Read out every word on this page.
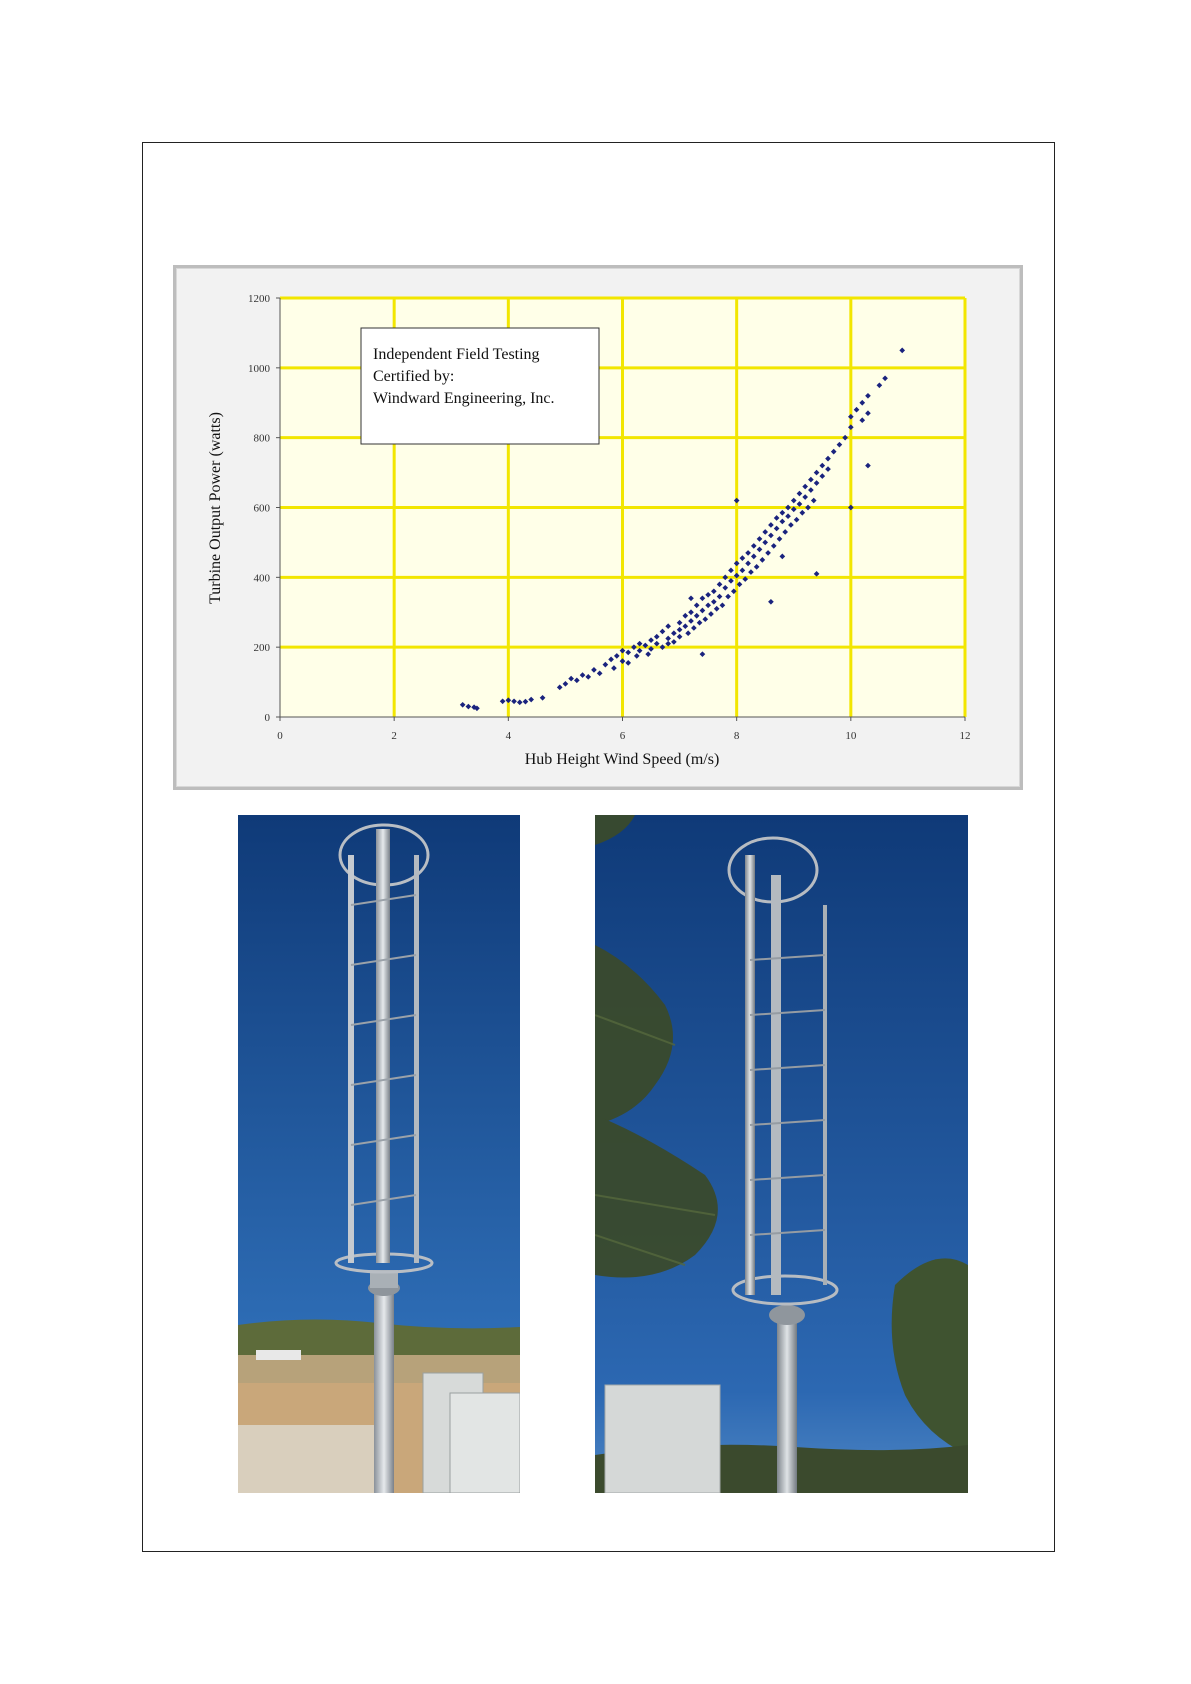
0
200
400
600
800
1000
1200
0	2	4	6	8	10	12
Independent Field Testing
Certified by:
Windward Engineering, Inc.
Hub Height Wind Speed (m/s)
Turbine Output Power (watts)
